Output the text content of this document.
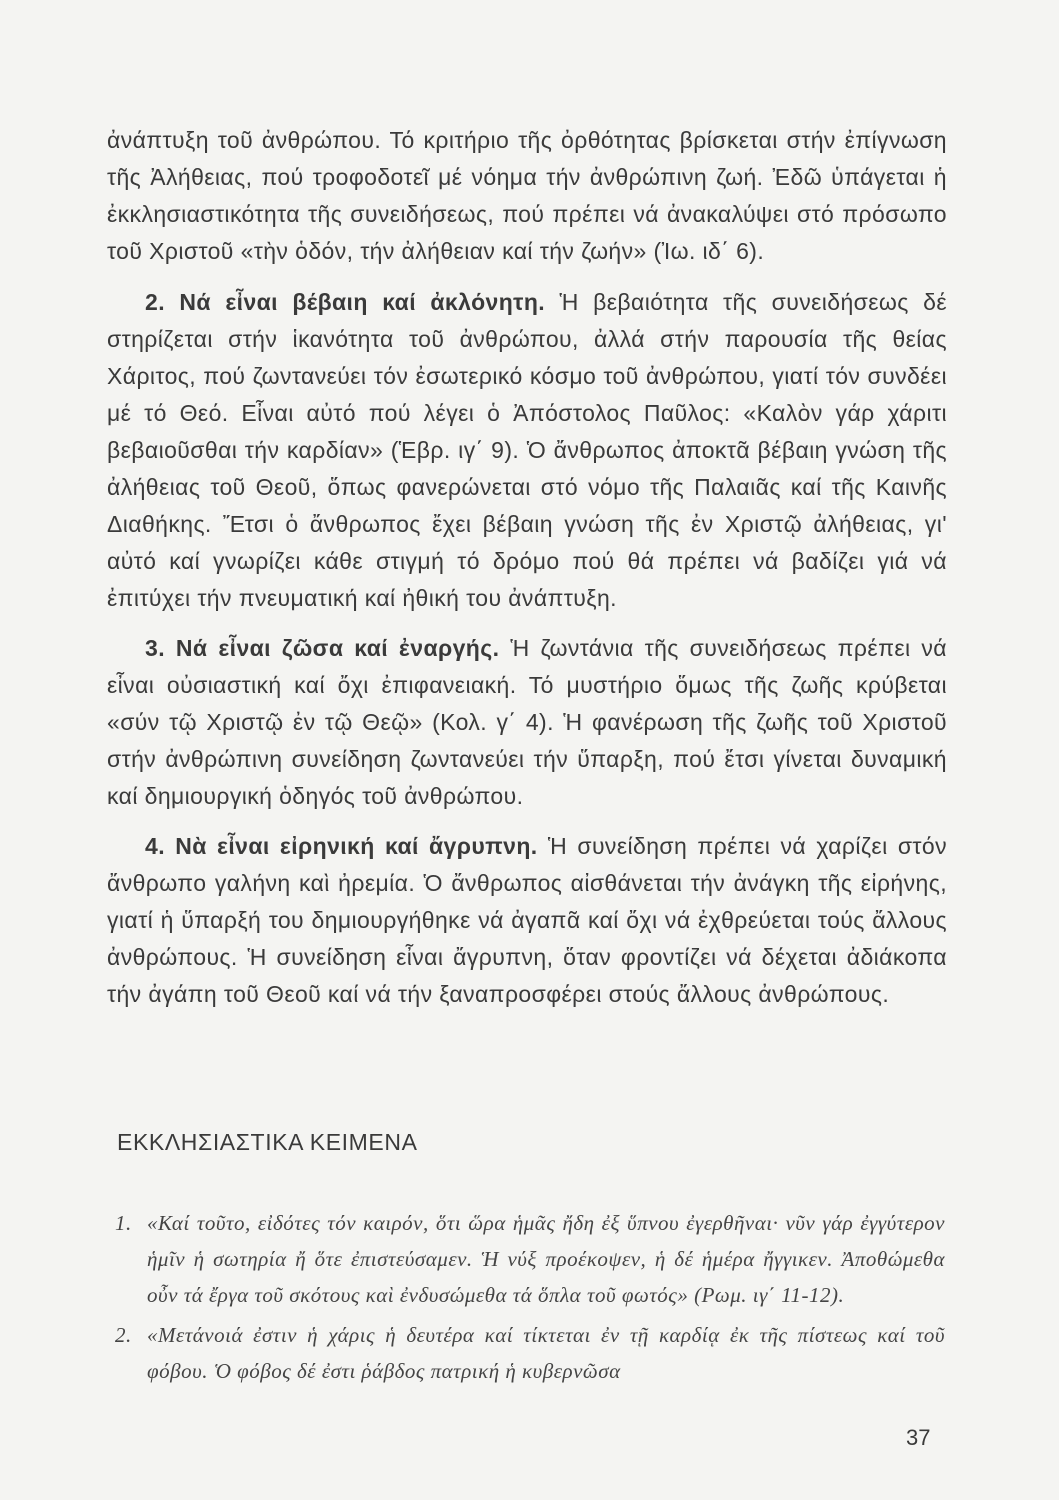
ἀνάπτυξη τοῦ ἀνθρώπου. Τό κριτήριο τῆς ὀρθότητας βρίσκεται στήν ἐπίγνωση τῆς Ἀλήθειας, πού τροφοδοτεῖ μέ νόημα τήν ἀνθρώπινη ζωή. Ἐδῶ ὑπάγεται ἡ ἐκκλησιαστικότητα τῆς συνειδήσεως, πού πρέπει νά ἀνακαλύψει στό πρόσωπο τοῦ Χριστοῦ «τὴν ὁδόν, τήν ἀλήθειαν καί τήν ζωήν» (Ἰω. ιδ΄ 6).

2. Νά εἶναι βέβαιη καί ἀκλόνητη. Ἡ βεβαιότητα τῆς συνειδήσεως δέ στηρίζεται στήν ἱκανότητα τοῦ ἀνθρώπου, ἀλλά στήν παρουσία τῆς θείας Χάριτος, πού ζωντανεύει τόν ἐσωτερικό κόσμο τοῦ ἀνθρώπου, γιατί τόν συνδέει μέ τό Θεό. Εἶναι αὐτό πού λέγει ὁ Ἀπόστολος Παῦλος: «Καλὸν γάρ χάριτι βεβαιοῦσθαι τήν καρδίαν» (Ἑβρ. ιγ΄ 9). Ὁ ἄνθρωπος ἀποκτᾶ βέβαιη γνώση τῆς ἀλήθειας τοῦ Θεοῦ, ὅπως φανερώνεται στό νόμο τῆς Παλαιᾶς καί τῆς Καινῆς Διαθήκης. Ἔτσι ὁ ἄνθρωπος ἔχει βέβαιη γνώση τῆς ἐν Χριστῷ ἀλήθειας, γι' αὐτό καί γνωρίζει κάθε στιγμή τό δρόμο πού θά πρέπει νά βαδίζει γιά νά ἐπιτύχει τήν πνευματική καί ἠθική του ἀνάπτυξη.

3. Νά εἶναι ζῶσα καί ἐναργής. Ἡ ζωντάνια τῆς συνειδήσεως πρέπει νά εἶναι οὐσιαστική καί ὄχι ἐπιφανειακή. Τό μυστήριο ὅμως τῆς ζωῆς κρύβεται «σύν τῷ Χριστῷ ἐν τῷ Θεῷ» (Κολ. γ΄ 4). Ἡ φανέρωση τῆς ζωῆς τοῦ Χριστοῦ στήν ἀνθρώπινη συνείδηση ζωντανεύει τήν ὕπαρξη, πού ἔτσι γίνεται δυναμική καί δημιουργική ὁδηγός τοῦ ἀνθρώπου.

4. Νὰ εἶναι εἰρηνική καί ἄγρυπνη. Ἡ συνείδηση πρέπει νά χαρίζει στόν ἄνθρωπο γαλήνη καὶ ἠρεμία. Ὁ ἄνθρωπος αἰσθάνεται τήν ἀνάγκη τῆς εἰρήνης, γιατί ἡ ὕπαρξή του δημιουργήθηκε νά ἀγαπᾶ καί ὄχι νά ἐχθρεύεται τούς ἄλλους ἀνθρώπους. Ἡ συνείδηση εἶναι ἄγρυπνη, ὅταν φροντίζει νά δέχεται ἀδιάκοπα τήν ἀγάπη τοῦ Θεοῦ καί νά τήν ξαναπροσφέρει στούς ἄλλους ἀνθρώπους.

ΕΚΚΛΗΣΙΑΣΤΙΚΑ ΚΕΙΜΕΝΑ
1. «Καί τοῦτο, εἰδότες τόν καιρόν, ὅτι ὥρα ἡμᾶς ἤδη ἐξ ὕπνου ἐγερθῆναι· νῦν γάρ ἐγγύτερον ἡμῖν ἡ σωτηρία ἤ ὅτε ἐπιστεύσαμεν. Ἡ νύξ προέκοψεν, ἡ δέ ἡμέρα ἤγγικεν. Ἀποθώμεθα οὖν τά ἔργα τοῦ σκότους καὶ ἐνδυσώμεθα τά ὅπλα τοῦ φωτός» (Ρωμ. ιγ΄ 11-12).
2. «Μετάνοιά ἐστιν ἡ χάρις ἡ δευτέρα καί τίκτεται ἐν τῇ καρδίᾳ ἐκ τῆς πίστεως καί τοῦ φόβου. Ὁ φόβος δέ ἐστι ῥάβδος πατρική ἡ κυβερνῶσα
37
